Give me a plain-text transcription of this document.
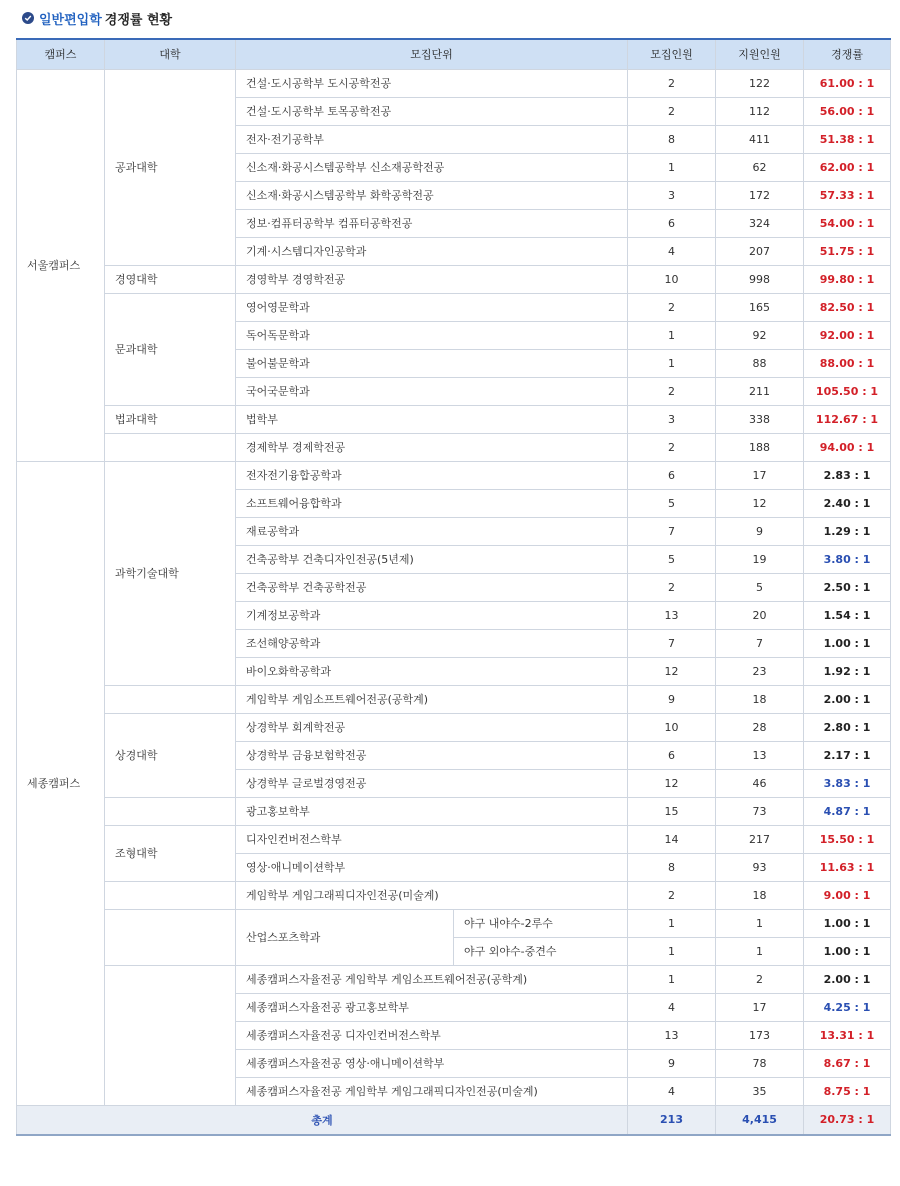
일반편입학 경쟁률 현황
캠퍼스	대학	모집단위		모집인원	지원인원	경쟁률
서울캠퍼스	공과대학	건설·도시공학부 도시공학전공		2	122	61.00 : 1
		건설·도시공학부 토목공학전공		2	112	56.00 : 1
		전자·전기공학부		8	411	51.38 : 1
		신소재·화공시스템공학부 신소재공학전공		1	62	62.00 : 1
		신소재·화공시스템공학부 화학공학전공		3	172	57.33 : 1
		정보·컴퓨터공학부 컴퓨터공학전공		6	324	54.00 : 1
		기계·시스템디자인공학과		4	207	51.75 : 1
	경영대학	경영학부 경영학전공		10	998	99.80 : 1
	문과대학	영어영문학과		2	165	82.50 : 1
		독어독문학과		1	92	92.00 : 1
		불어불문학과		1	88	88.00 : 1
		국어국문학과		2	211	105.50 : 1
	법과대학	법학부		3	338	112.67 : 1
		경제학부 경제학전공		2	188	94.00 : 1
세종캠퍼스	과학기술대학	전자전기융합공학과		6	17	2.83 : 1
		소프트웨어융합학과		5	12	2.40 : 1
		재료공학과		7	9	1.29 : 1
		건축공학부 건축디자인전공(5년제)		5	19	3.80 : 1
		건축공학부 건축공학전공		2	5	2.50 : 1
		기계정보공학과		13	20	1.54 : 1
		조선해양공학과		7	7	1.00 : 1
		바이오화학공학과		12	23	1.92 : 1
		게임학부 게임소프트웨어전공(공학계)		9	18	2.00 : 1
	상경대학	상경학부 회계학전공		10	28	2.80 : 1
		상경학부 금융보험학전공		6	13	2.17 : 1
		상경학부 글로벌경영전공		12	46	3.83 : 1
		광고홍보학부		15	73	4.87 : 1
	조형대학	디자인컨버전스학부		14	217	15.50 : 1
		영상·애니메이션학부		8	93	11.63 : 1
		게임학부 게임그래픽디자인전공(미술계)		2	18	9.00 : 1
		산업스포츠학과	야구 내야수-2루수	1	1	1.00 : 1
			야구 외야수-중견수	1	1	1.00 : 1
		세종캠퍼스자율전공 게임학부 게임소프트웨어전공(공학계)		1	2	2.00 : 1
		세종캠퍼스자율전공 광고홍보학부		4	17	4.25 : 1
		세종캠퍼스자율전공 디자인컨버전스학부		13	173	13.31 : 1
		세종캠퍼스자율전공 영상·애니메이션학부		9	78	8.67 : 1
		세종캠퍼스자율전공 게임학부 게임그래픽디자인전공(미술계)		4	35	8.75 : 1
총계				213	4,415	20.73 : 1
